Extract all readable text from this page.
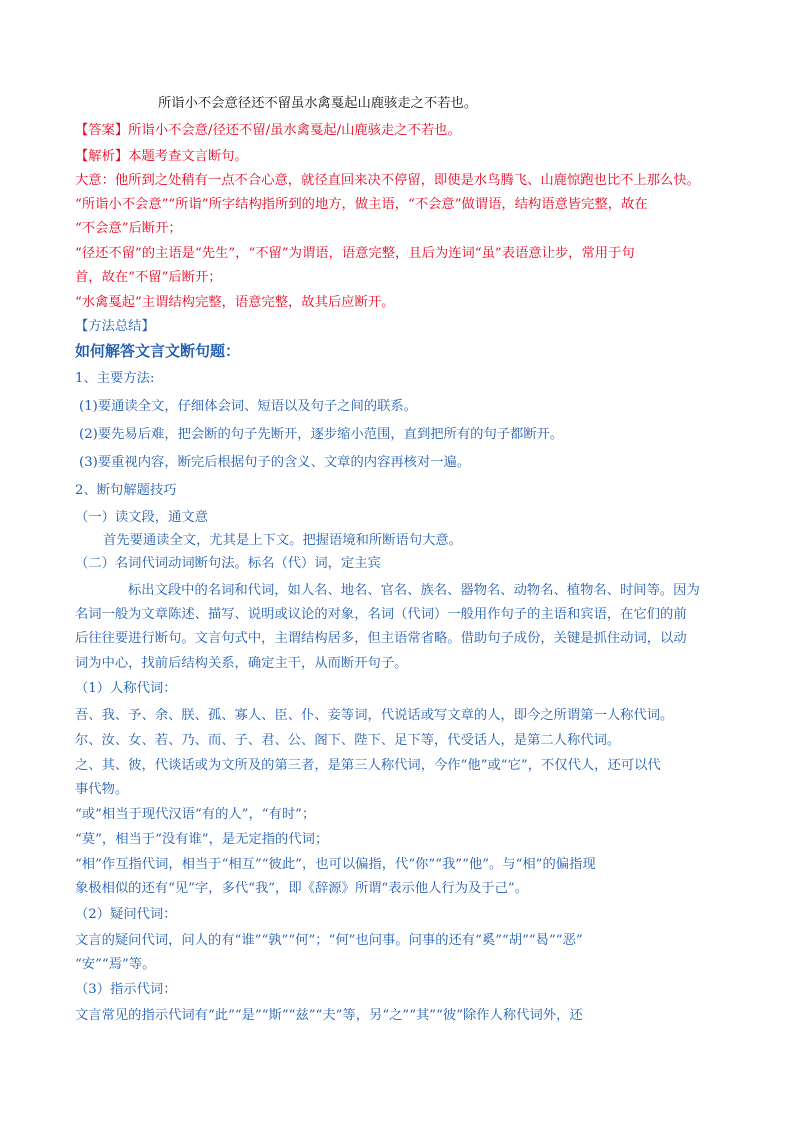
所诣小不会意径还不留虽水禽戛起山鹿骇走之不若也。
【答案】所诣小不会意/径还不留/虽水禽戛起/山鹿骇走之不若也。
【解析】本题考查文言断句。
大意：他所到之处稍有一点不合心意，就径直回来决不停留，即使是水鸟腾飞、山鹿惊跑也比不上那么快。
“所诣小不会意”“所诣”所字结构指所到的地方，做主语，“不会意”做谓语，结构语意皆完整，故在
“不会意”后断开；
“径还不留”的主语是“先生”，“不留”为谓语，语意完整，且后为连词“虽”表语意让步，常用于句
首，故在“不留”后断开；
“水禽戛起”主谓结构完整，语意完整，故其后应断开。
【方法总结】
如何解答文言文断句题：
1、主要方法:
(1)要通读全文，仔细体会词、短语以及句子之间的联系。
(2)要先易后难，把会断的句子先断开，逐步缩小范围，直到把所有的句子都断开。
(3)要重视内容，断完后根据句子的含义、文章的内容再核对一遍。
2、断句解题技巧
（一）读文段，通文意
首先要通读全文，尤其是上下文。把握语境和所断语句大意。
（二）名词代词动词断句法。标名（代）词，定主宾
标出文段中的名词和代词，如人名、地名、官名、族名、器物名、动物名、植物名、时间等。因为
名词一般为文章陈述、描写、说明或议论的对象，名词（代词）一般用作句子的主语和宾语，在它们的前
后往往要进行断句。文言句式中，主谓结构居多，但主语常省略。借助句子成份，关键是抓住动词，以动
词为中心，找前后结构关系，确定主干，从而断开句子。
（1）人称代词：
吾、我、予、余、朕、孤、寡人、臣、仆、妾等词，代说话或写文章的人，即今之所谓第一人称代词。
尔、汝、女、若、乃、而、子、君、公、阁下、陛下、足下等，代受话人，是第二人称代词。
之、其、彼，代谈话或为文所及的第三者，是第三人称代词，今作“他”或“它”，不仅代人，还可以代
事代物。
“或”相当于现代汉语“有的人”，“有时”；
“莫”，相当于“没有谁”，是无定指的代词；
“相”作互指代词，相当于“相互”“彼此”，也可以偏指，代“你”“我”“他”。与“相”的偏指现
象极相似的还有“见”字，多代“我”，即《辞源》所谓“表示他人行为及于己”。
（2）疑问代词：
文言的疑问代词，问人的有“谁”“孰”“何”；“何”也问事。问事的还有“奚”“胡”“曷”“恶”
“安”“焉”等。
（3）指示代词：
文言常见的指示代词有“此”“是”“斯”“兹”“夫”等，另“之”“其”“彼”除作人称代词外，还
